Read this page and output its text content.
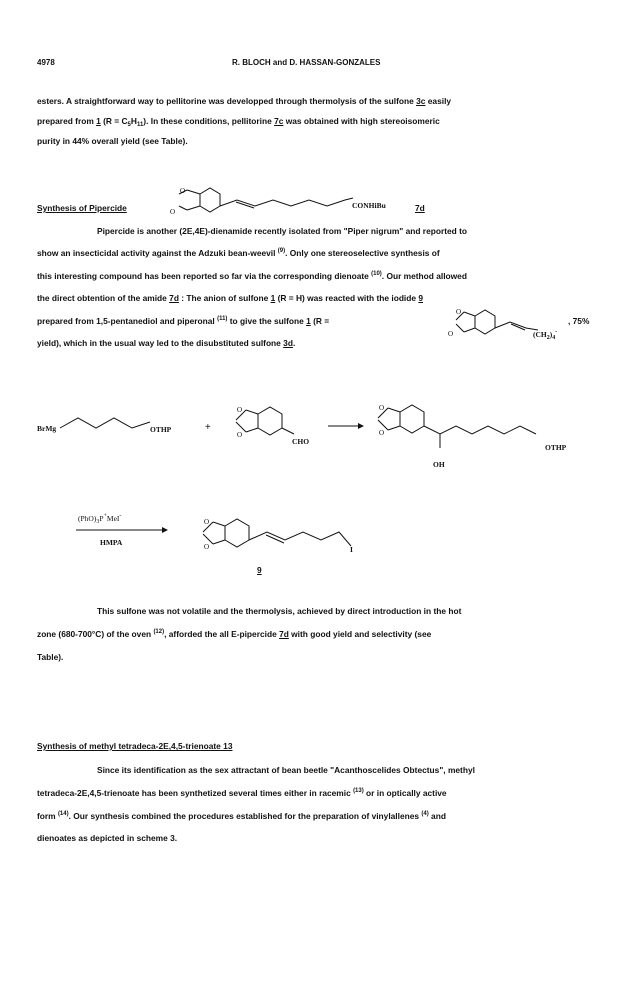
4978	R. BLOCH and D. HASSAN-GONZALES
esters. A straightforward way to pellitorine was developped through thermolysis of the sulfone 3c easily
prepared from 1 $(R = C_5H_{11})$. In these conditions, pellitorine 7c was obtained with high stereoisomeric
purity in 44% overall yield (see Table).
Synthesis of Pipercide
O
O
CONHiBu	7d
Pipercide is another (2E,4E)-dienamide recently isolated from "Piper nigrum" and reported to
show an insecticidal activity against the Adzuki bean-weevil $^{(9)}$. Only one stereoselective synthesis of
this interesting compound has been reported so far via the corresponding dienoate $^{(10)}$. Our method allowed
the direct obtention of the amide 7d : The anion of sulfone 1 (R = H) was reacted with the iodide 9
prepared from 1,5-pentanediol and piperonal $^{(11)}$ to give the sulfone 1 (R =
O
O
, 75%
$(CH_2)_4^-$
yield), which in the usual way led to the disubstituted sulfone 3d.
BrMg	OTHP	+
O
O
CHO
O
O
OTHP
OH
$(PhO)_3P^+MeI^-$
HMPA
O
O	I
9
This sulfone was not volatile and the thermolysis, achieved by direct introduction in the hot
zone (680-700°C) of the oven $^{(12)}$, afforded the all E-pipercide 7d with good yield and selectivity (see
Table).
Synthesis of methyl tetradeca-2E,4,5-trienoate 13
Since its identification as the sex attractant of bean beetle "Acanthoscelides Obtectus", methyl
tetradeca-2E,4,5-trienoate has been synthetized several times either in racemic $^{(13)}$ or in optically active
form $^{(14)}$. Our synthesis combined the procedures established for the preparation of vinylallenes $^{(4)}$ and
dienoates as depicted in scheme 3.
